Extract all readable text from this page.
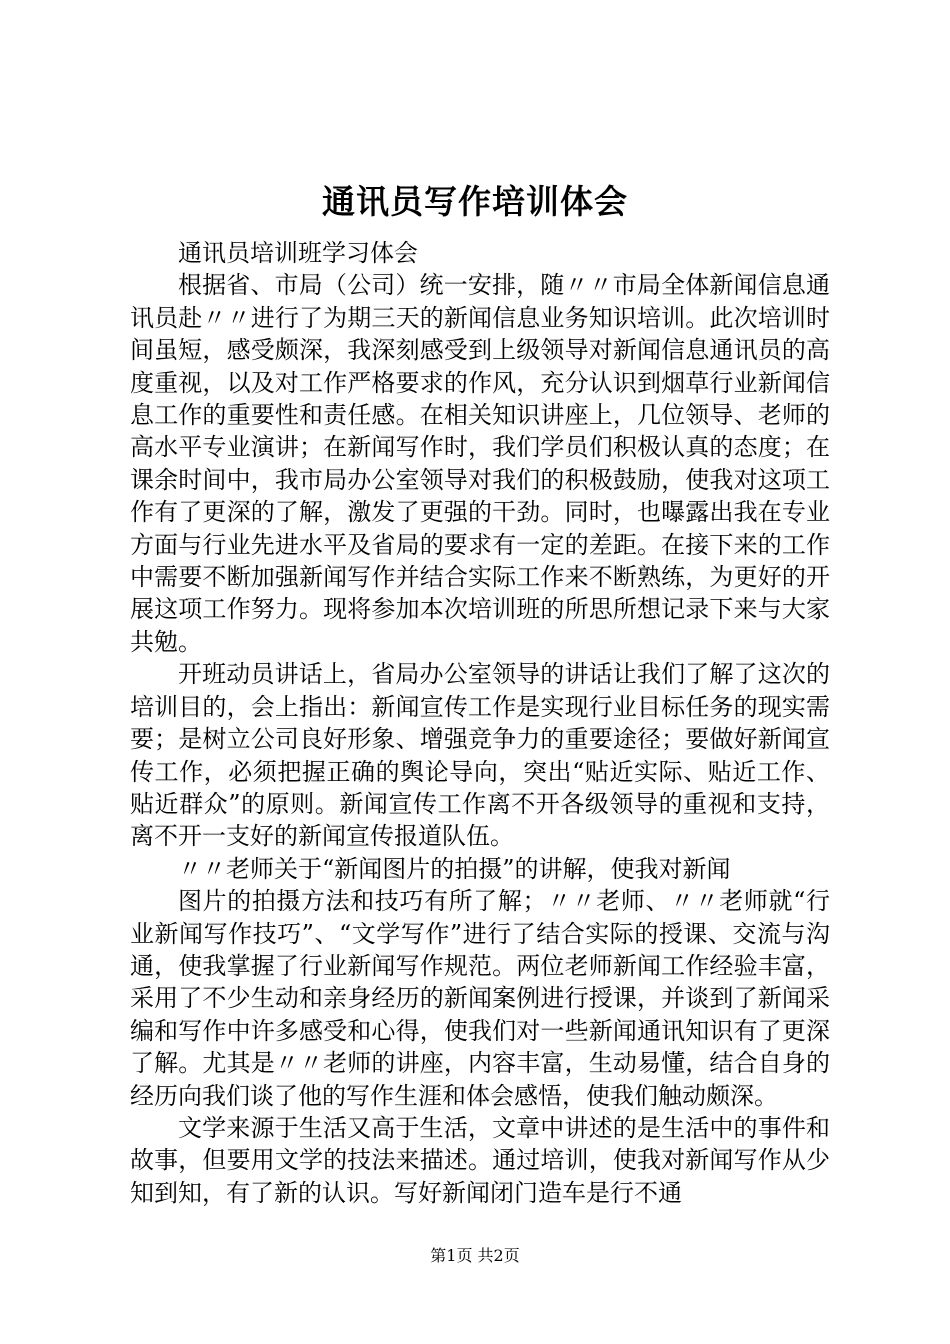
通讯员写作培训体会

通讯员培训班学习体会

根据省、市局（公司）统一安排，随〃〃市局全体新闻信息通讯员赴〃〃进行了为期三天的新闻信息业务知识培训。此次培训时间虽短，感受颇深，我深刻感受到上级领导对新闻信息通讯员的高度重视，以及对工作严格要求的作风，充分认识到烟草行业新闻信息工作的重要性和责任感。在相关知识讲座上，几位领导、老师的高水平专业演讲；在新闻写作时，我们学员们积极认真的态度；在课余时间中，我市局办公室领导对我们的积极鼓励，使我对这项工作有了更深的了解，激发了更强的干劲。同时，也曝露出我在专业方面与行业先进水平及省局的要求有一定的差距。在接下来的工作中需要不断加强新闻写作并结合实际工作来不断熟练，为更好的开展这项工作努力。现将参加本次培训班的所思所想记录下来与大家共勉。

开班动员讲话上，省局办公室领导的讲话让我们了解了这次的培训目的，会上指出：新闻宣传工作是实现行业目标任务的现实需要；是树立公司良好形象、增强竞争力的重要途径；要做好新闻宣传工作，必须把握正确的舆论导向，突出“贴近实际、贴近工作、贴近群众”的原则。新闻宣传工作离不开各级领导的重视和支持，离不开一支好的新闻宣传报道队伍。

〃〃老师关于“新闻图片的拍摄”的讲解，使我对新闻

图片的拍摄方法和技巧有所了解；〃〃老师、〃〃老师就“行业新闻写作技巧”、“文学写作”进行了结合实际的授课、交流与沟通，使我掌握了行业新闻写作规范。两位老师新闻工作经验丰富，采用了不少生动和亲身经历的新闻案例进行授课，并谈到了新闻采编和写作中许多感受和心得，使我们对一些新闻通讯知识有了更深了解。尤其是〃〃老师的讲座，内容丰富，生动易懂，结合自身的经历向我们谈了他的写作生涯和体会感悟，使我们触动颇深。

文学来源于生活又高于生活，文章中讲述的是生活中的事件和故事，但要用文学的技法来描述。通过培训，使我对新闻写作从少知到知，有了新的认识。写好新闻闭门造车是行不通

第1页 共2页
